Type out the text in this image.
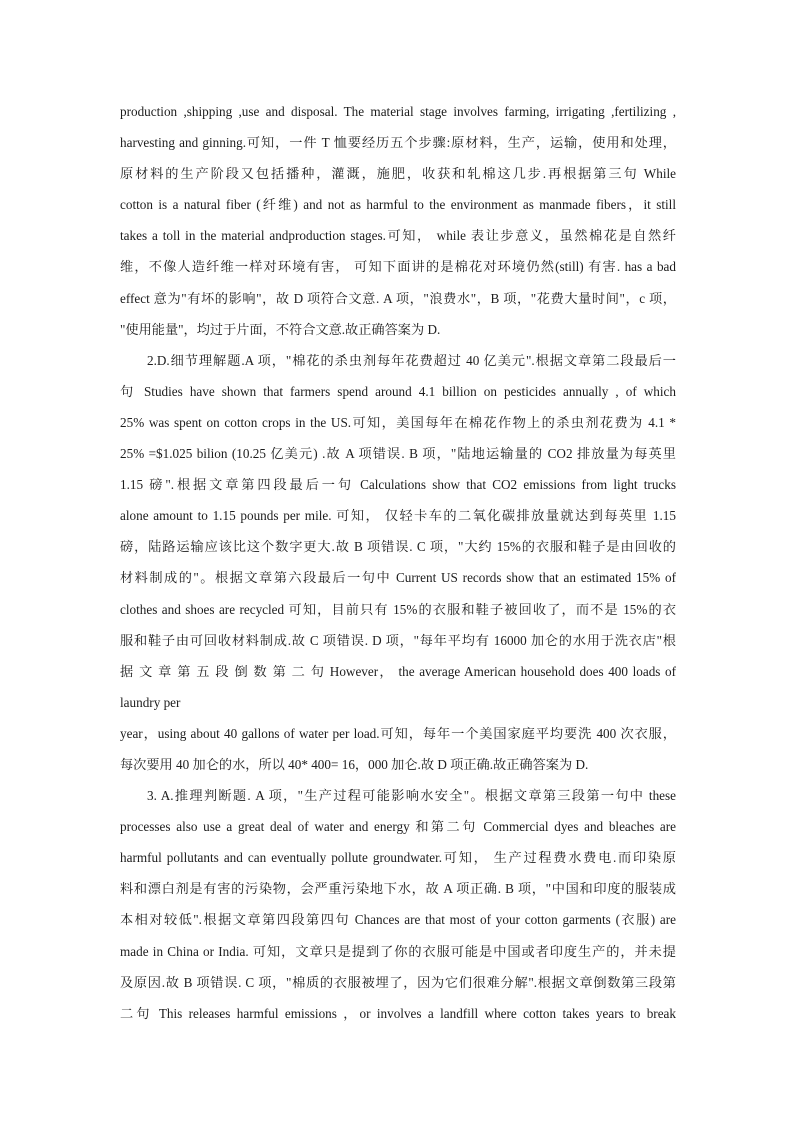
production ,shipping ,use and disposal. The material stage involves farming, irrigating ,fertilizing ,
harvesting and ginning.可知，一件 T 恤要经历五个步骤:原材料，生产，运输，使用和处理，
原材料的生产阶段又包括播种，灌溉，施肥，收获和轧棉这几步.再根据第三句 While
cotton is a natural fiber (纤维) and not as harmful to the environment as manmade fibers，it still
takes a toll in the material andproduction stages.可知， while 表让步意义，虽然棉花是自然纤
维，不像人造纤维一样对环境有害， 可知下面讲的是棉花对环境仍然(still) 有害. has a bad
effect 意为"有坏的影响"，故 D 项符合文意. A 项，"浪费水"，B 项，"花费大量时间"，c 项，
"使用能量"，均过于片面，不符合文意.故正确答案为 D.
2.D.细节理解题.A 项，"棉花的杀虫剂每年花费超过 40 亿美元".根据文章第二段最后一
句 Studies have shown that farmers spend around 4.1 billion on pesticides annually , of which
25% was spent on cotton crops in the US.可知，美国每年在棉花作物上的杀虫剂花费为 4.1 *
25% =$1.025 bilion (10.25 亿美元) .故 A 项错误. B 项，"陆地运输量的 CO2 排放量为每英里
1.15 磅".根据文章第四段最后一句 Calculations show that CO2 emissions from light trucks
alone amount to 1.15 pounds per mile. 可知， 仅轻卡车的二氧化碳排放量就达到每英里 1.15
磅，陆路运输应该比这个数字更大.故 B 项错误. C 项，"大约 15%的衣服和鞋子是由回收的
材料制成的"。根据文章第六段最后一句中 Current US records show that an estimated 15% of
clothes and shoes are recycled 可知，目前只有 15%的衣服和鞋子被回收了，而不是 15%的衣
服和鞋子由可回收材料制成.故 C 项错误. D 项，"每年平均有 16000 加仑的水用于洗衣店"根
据 文 章 第 五 段 倒 数 第 二 句 However， the average American household does 400 loads of
laundry per
year，using about 40 gallons of water per load.可知，每年一个美国家庭平均要洗 400 次衣服，
每次要用 40 加仑的水，所以 40* 400= 16，000 加仑.故 D 项正确.故正确答案为 D.
3. A.推理判断题. A 项，"生产过程可能影响水安全"。根据文章第三段第一句中 these
processes also use a great deal of water and energy 和第二句 Commercial dyes and bleaches are
harmful pollutants and can eventually pollute groundwater.可知， 生产过程费水费电.而印染原
料和漂白剂是有害的污染物，会严重污染地下水，故 A 项正确. B 项，"中国和印度的服装成
本相对较低".根据文章第四段第四句 Chances are that most of your cotton garments (衣服) are
made in China or India. 可知，文章只是提到了你的衣服可能是中国或者印度生产的，并未提
及原因.故 B 项错误. C 项，"棉质的衣服被埋了，因为它们很难分解".根据文章倒数第三段第
二句 This releases harmful emissions ，or involves a landfill where cotton takes years to break
